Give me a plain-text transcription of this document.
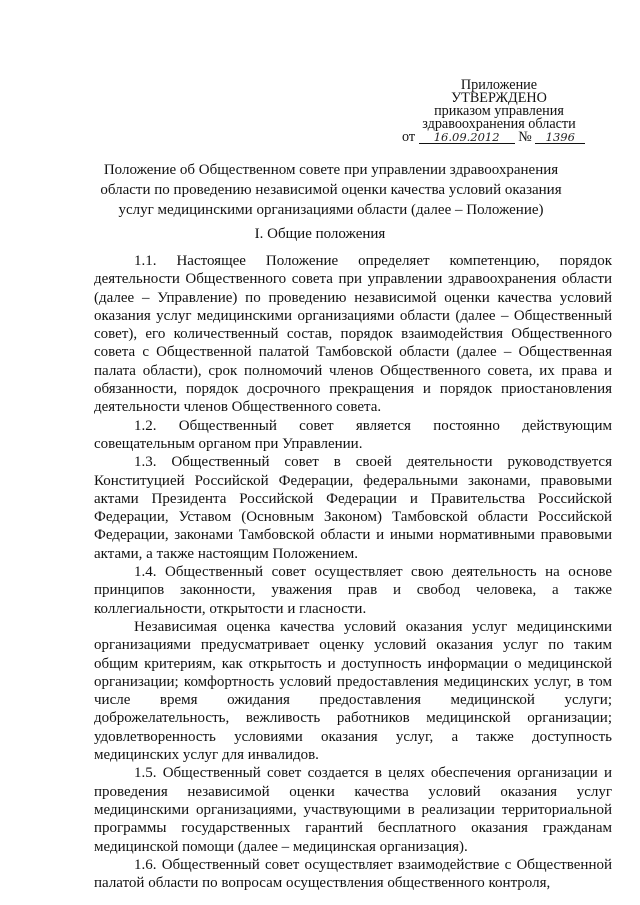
Приложение
УТВЕРЖДЕНО
приказом управления
здравоохранения области
от 16.09.2012 № 1396
Положение об Общественном совете при управлении здравоохранения области по проведению независимой оценки качества условий оказания услуг медицинскими организациями области (далее – Положение)
I. Общие положения

1.1. Настоящее Положение определяет компетенцию, порядок деятельности Общественного совета при управлении здравоохранения области (далее – Управление) по проведению независимой оценки качества условий оказания услуг медицинскими организациями области (далее – Общественный совет), его количественный состав, порядок взаимодействия Общественного совета с Общественной палатой Тамбовской области (далее – Общественная палата области), срок полномочий членов Общественного совета, их права и обязанности, порядок досрочного прекращения и порядок приостановления деятельности членов Общественного совета.

1.2. Общественный совет является постоянно действующим совещательным органом при Управлении.

1.3. Общественный совет в своей деятельности руководствуется Конституцией Российской Федерации, федеральными законами, правовыми актами Президента Российской Федерации и Правительства Российской Федерации, Уставом (Основным Законом) Тамбовской области Российской Федерации, законами Тамбовской области и иными нормативными правовыми актами, а также настоящим Положением.

1.4. Общественный совет осуществляет свою деятельность на основе принципов законности, уважения прав и свобод человека, а также коллегиальности, открытости и гласности.

Независимая оценка качества условий оказания услуг медицинскими организациями предусматривает оценку условий оказания услуг по таким общим критериям, как открытость и доступность информации о медицинской организации; комфортность условий предоставления медицинских услуг, в том числе время ожидания предоставления медицинской услуги; доброжелательность, вежливость работников медицинской организации; удовлетворенность условиями оказания услуг, а также доступность медицинских услуг для инвалидов.

1.5. Общественный совет создается в целях обеспечения организации и проведения независимой оценки качества условий оказания услуг медицинскими организациями, участвующими в реализации территориальной программы государственных гарантий бесплатного оказания гражданам медицинской помощи (далее – медицинская организация).

1.6. Общественный совет осуществляет взаимодействие с Общественной палатой области по вопросам осуществления общественного контроля,
